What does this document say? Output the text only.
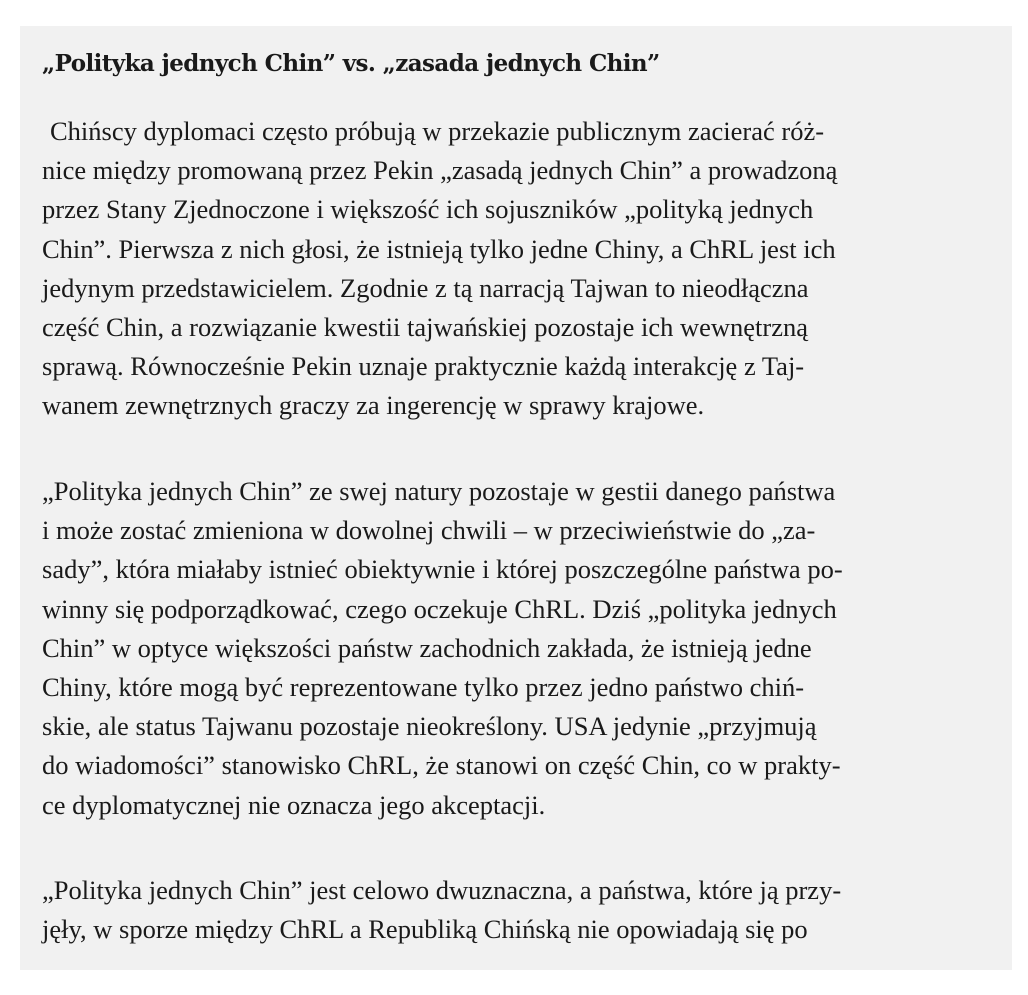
„Polityka jednych Chin” vs. „zasada jednych Chin”

Chińscy dyplomaci często próbują w przekazie publicznym zacierać róż-
nice między promowaną przez Pekin „zasadą jednych Chin” a prowadzoną
przez Stany Zjednoczone i większość ich sojuszników „polityką jednych
Chin”. Pierwsza z nich głosi, że istnieją tylko jedne Chiny, a ChRL jest ich
jedynym przedstawicielem. Zgodnie z tą narracją Tajwan to nieodłączna
część Chin, a rozwiązanie kwestii tajwańskiej pozostaje ich wewnętrzną
sprawą. Równocześnie Pekin uznaje praktycznie każdą interakcję z Taj-
wanem zewnętrznych graczy za ingerencję w sprawy krajowe.

„Polityka jednych Chin” ze swej natury pozostaje w gestii danego państwa
i może zostać zmieniona w dowolnej chwili – w przeciwieństwie do „za-
sady”, która miałaby istnieć obiektywnie i której poszczególne państwa po-
winny się podporządkować, czego oczekuje ChRL. Dziś „polityka jednych
Chin” w optyce większości państw zachodnich zakłada, że istnieją jedne
Chiny, które mogą być reprezentowane tylko przez jedno państwo chiń-
skie, ale status Tajwanu pozostaje nieokreślony. USA jedynie „przyjmują
do wiadomości” stanowisko ChRL, że stanowi on część Chin, co w prakty-
ce dyplomatycznej nie oznacza jego akceptacji.

„Polityka jednych Chin” jest celowo dwuznaczna, a państwa, które ją przy-
jęły, w sporze między ChRL a Republiką Chińską nie opowiadają się po
